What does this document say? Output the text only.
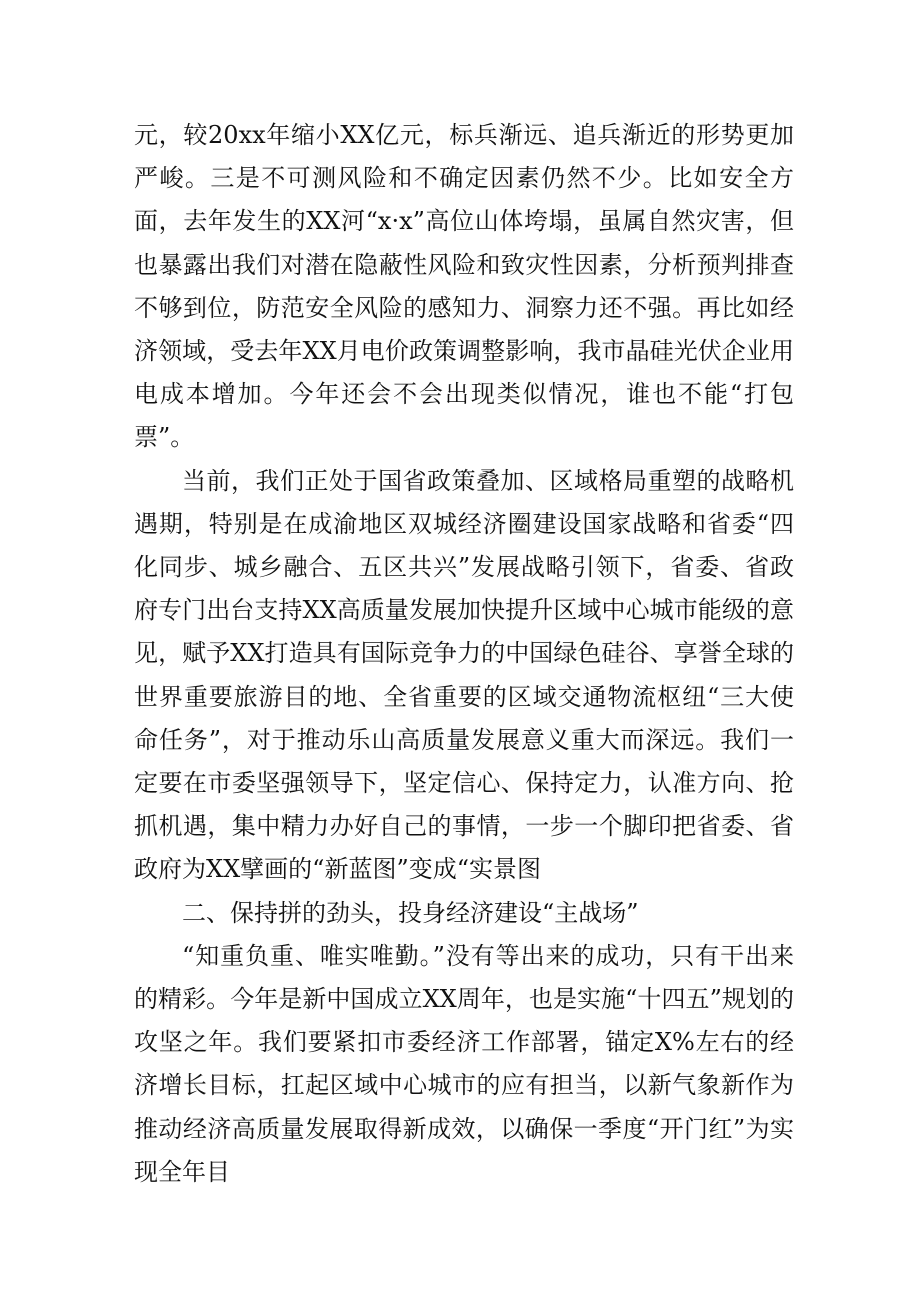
元，较20xx年缩小XX亿元，标兵渐远、追兵渐近的形势更加严峻。三是不可测风险和不确定因素仍然不少。比如安全方面，去年发生的XX河“x·x”高位山体垮塌，虽属自然灾害，但也暴露出我们对潜在隐蔽性风险和致灾性因素，分析预判排查不够到位，防范安全风险的感知力、洞察力还不强。再比如经济领域，受去年XX月电价政策调整影响，我市晶硅光伏企业用电成本增加。今年还会不会出现类似情况，谁也不能“打包票”。

当前，我们正处于国省政策叠加、区域格局重塑的战略机遇期，特别是在成渝地区双城经济圈建设国家战略和省委“四化同步、城乡融合、五区共兴”发展战略引领下，省委、省政府专门出台支持XX高质量发展加快提升区域中心城市能级的意见，赋予XX打造具有国际竞争力的中国绿色硅谷、享誉全球的世界重要旅游目的地、全省重要的区域交通物流枢纽“三大使命任务”，对于推动乐山高质量发展意义重大而深远。我们一定要在市委坚强领导下，坚定信心、保持定力，认准方向、抢抓机遇，集中精力办好自己的事情，一步一个脚印把省委、省政府为XX擘画的“新蓝图”变成“实景图

二、保持拼的劲头，投身经济建设“主战场”

“知重负重、唯实唯勤。”没有等出来的成功，只有干出来的精彩。今年是新中国成立XX周年，也是实施“十四五”规划的攻坚之年。我们要紧扣市委经济工作部署，锚定X%左右的经济增长目标，扛起区域中心城市的应有担当，以新气象新作为推动经济高质量发展取得新成效，以确保一季度“开门红”为实现全年目
